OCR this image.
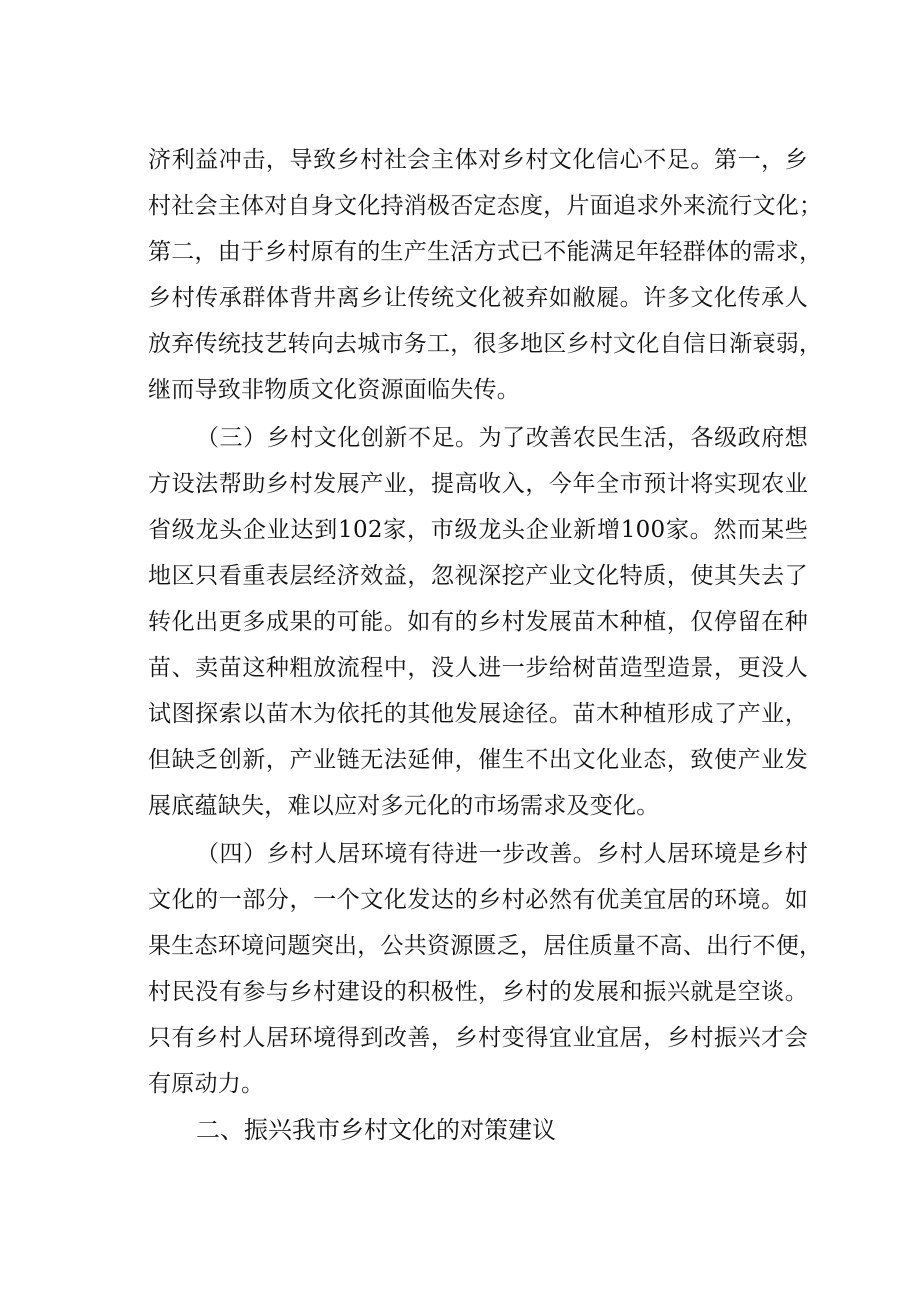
济利益冲击，导致乡村社会主体对乡村文化信心不足。第一，乡
村社会主体对自身文化持消极否定态度，片面追求外来流行文化；
第二，由于乡村原有的生产生活方式已不能满足年轻群体的需求，
乡村传承群体背井离乡让传统文化被弃如敝屣。许多文化传承人
放弃传统技艺转向去城市务工，很多地区乡村文化自信日渐衰弱，
继而导致非物质文化资源面临失传。
（三）乡村文化创新不足。为了改善农民生活，各级政府想
方设法帮助乡村发展产业，提高收入，今年全市预计将实现农业
省级龙头企业达到102家，市级龙头企业新增100家。然而某些
地区只看重表层经济效益，忽视深挖产业文化特质，使其失去了
转化出更多成果的可能。如有的乡村发展苗木种植，仅停留在种
苗、卖苗这种粗放流程中，没人进一步给树苗造型造景，更没人
试图探索以苗木为依托的其他发展途径。苗木种植形成了产业，
但缺乏创新，产业链无法延伸，催生不出文化业态，致使产业发
展底蕴缺失，难以应对多元化的市场需求及变化。
（四）乡村人居环境有待进一步改善。乡村人居环境是乡村
文化的一部分，一个文化发达的乡村必然有优美宜居的环境。如
果生态环境问题突出，公共资源匮乏，居住质量不高、出行不便，
村民没有参与乡村建设的积极性，乡村的发展和振兴就是空谈。
只有乡村人居环境得到改善，乡村变得宜业宜居，乡村振兴才会
有原动力。
二、振兴我市乡村文化的对策建议
